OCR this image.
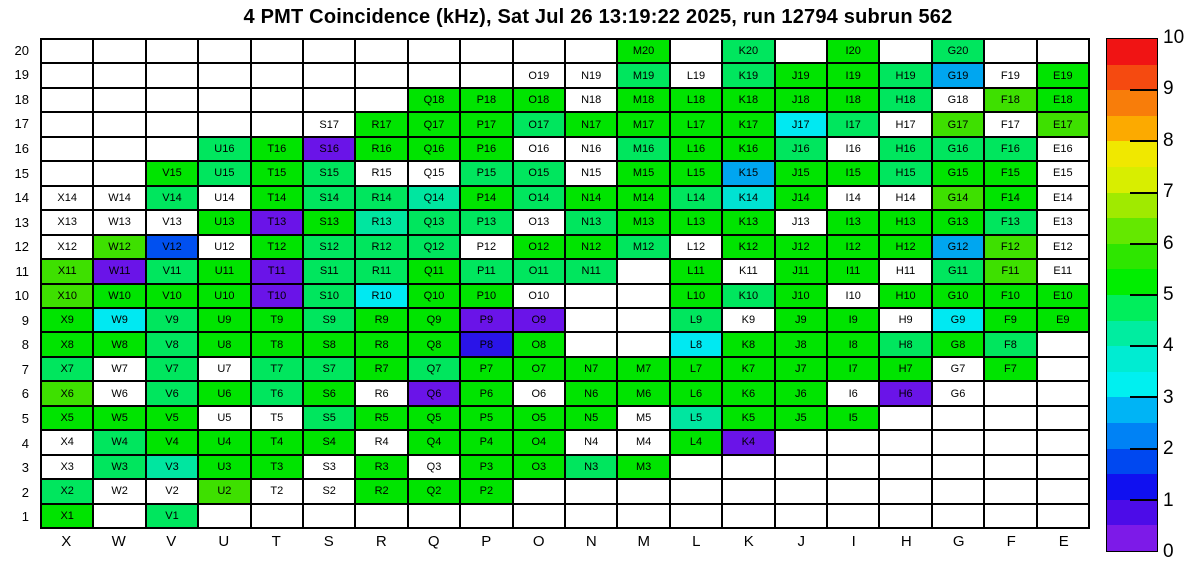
4 PMT Coincidence (kHz), Sat Jul 26 13:19:22 2025, run 12794 subrun 562
20
19
18
17
16
15
14
13
12
11
10
9
8
7
6
5
4
3
2
1
M20	K20	I20	G20
O19	N19	M19	L19	K19	J19	I19	H19	G19	F19	E19
Q18	P18	O18	N18	M18	L18	K18	J18	I18	H18	G18	F18	E18
S17	R17	Q17	P17	O17	N17	M17	L17	K17	J17	I17	H17	G17	F17	E17
U16	T16	S16	R16	Q16	P16	O16	N16	M16	L16	K16	J16	I16	H16	G16	F16	E16
V15	U15	T15	S15	R15	Q15	P15	O15	N15	M15	L15	K15	J15	I15	H15	G15	F15	E15
X14	W14	V14	U14	T14	S14	R14	Q14	P14	O14	N14	M14	L14	K14	J14	I14	H14	G14	F14	E14
X13	W13	V13	U13	T13	S13	R13	Q13	P13	O13	N13	M13	L13	K13	J13	I13	H13	G13	F13	E13
X12	W12	V12	U12	T12	S12	R12	Q12	P12	O12	N12	M12	L12	K12	J12	I12	H12	G12	F12	E12
X11	W11	V11	U11	T11	S11	R11	Q11	P11	O11	N11	L11	K11	J11	I11	H11	G11	F11	E11
X10	W10	V10	U10	T10	S10	R10	Q10	P10	O10	L10	K10	J10	I10	H10	G10	F10	E10
X9	W9	V9	U9	T9	S9	R9	Q9	P9	O9	L9	K9	J9	I9	H9	G9	F9	E9
X8	W8	V8	U8	T8	S8	R8	Q8	P8	O8	L8	K8	J8	I8	H8	G8	F8
X7	W7	V7	U7	T7	S7	R7	Q7	P7	O7	N7	M7	L7	K7	J7	I7	H7	G7	F7
X6	W6	V6	U6	T6	S6	R6	Q6	P6	O6	N6	M6	L6	K6	J6	I6	H6	G6
X5	W5	V5	U5	T5	S5	R5	Q5	P5	O5	N5	M5	L5	K5	J5	I5
X4	W4	V4	U4	T4	S4	R4	Q4	P4	O4	N4	M4	L4	K4
X3	W3	V3	U3	T3	S3	R3	Q3	P3	O3	N3	M3
X2	W2	V2	U2	T2	S2	R2	Q2	P2
X1	V1
X	W	V	U	T	S	R	Q	P	O	N	M	L	K	J	I	H	G	F	E	0
1
2
3
4
5
6
7
8
9
10
